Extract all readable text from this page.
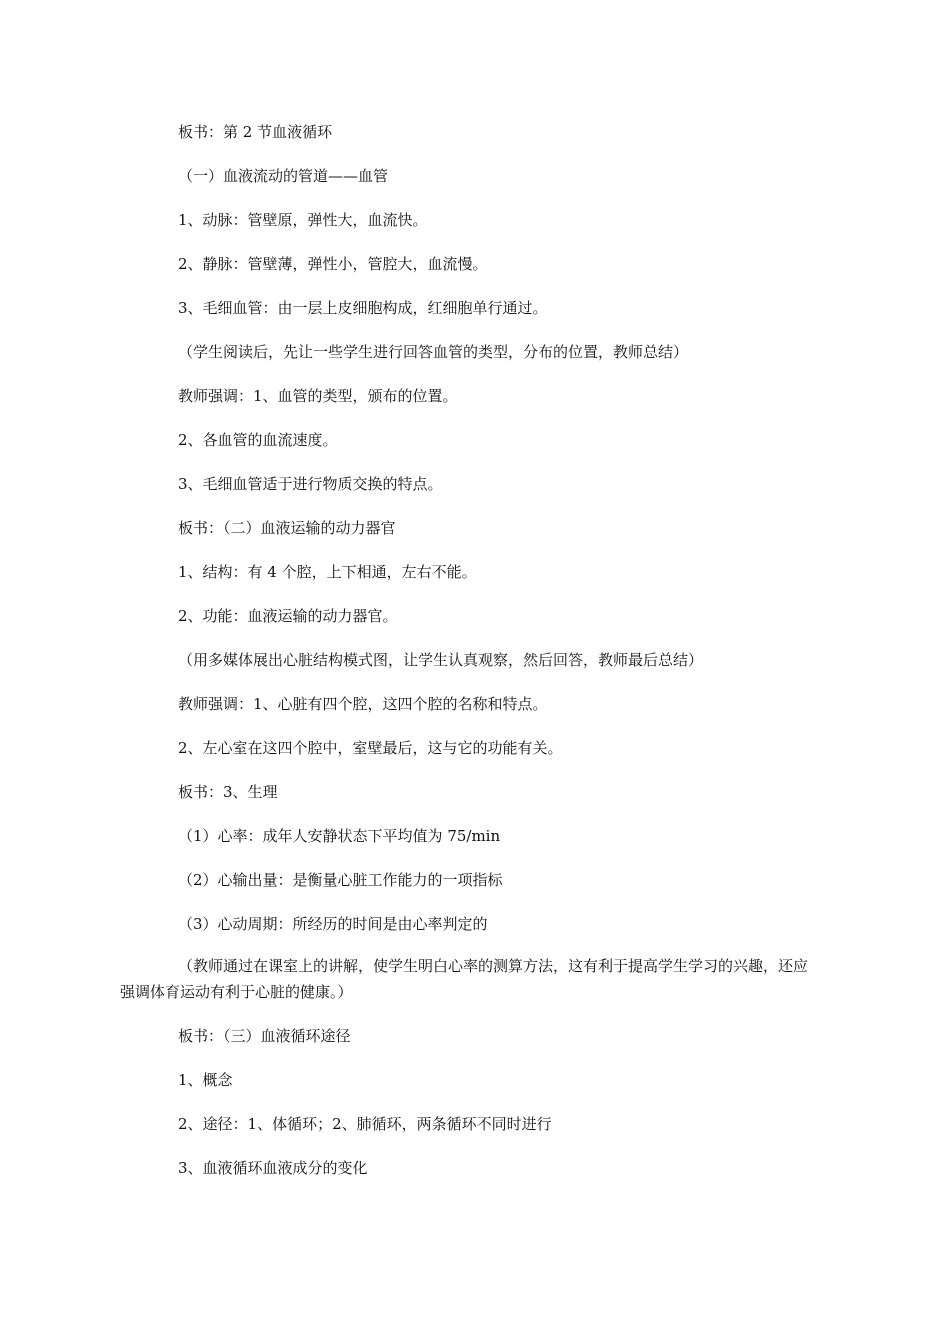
板书：第 2 节血液循环
（一）血液流动的管道——血管
1、动脉：管壁原，弹性大，血流快。
2、静脉：管壁薄，弹性小，管腔大，血流慢。
3、毛细血管：由一层上皮细胞构成，红细胞单行通过。
（学生阅读后，先让一些学生进行回答血管的类型，分布的位置，教师总结）
教师强调：1、血管的类型，颁布的位置。
2、各血管的血流速度。
3、毛细血管适于进行物质交换的特点。
板书：（二）血液运输的动力器官
1、结构：有 4 个腔，上下相通，左右不能。
2、功能：血液运输的动力器官。
（用多媒体展出心脏结构模式图，让学生认真观察，然后回答，教师最后总结）
教师强调：1、心脏有四个腔，这四个腔的名称和特点。
2、左心室在这四个腔中，室壁最后，这与它的功能有关。
板书：3、生理
（1）心率：成年人安静状态下平均值为 75/min
（2）心输出量：是衡量心脏工作能力的一项指标
（3）心动周期：所经历的时间是由心率判定的
（教师通过在课室上的讲解，使学生明白心率的测算方法，这有利于提高学生学习的兴趣，还应强调体育运动有利于心脏的健康。）
板书：（三）血液循环途径
1、概念
2、途径：1、体循环；2、肺循环，两条循环不同时进行
3、血液循环血液成分的变化
